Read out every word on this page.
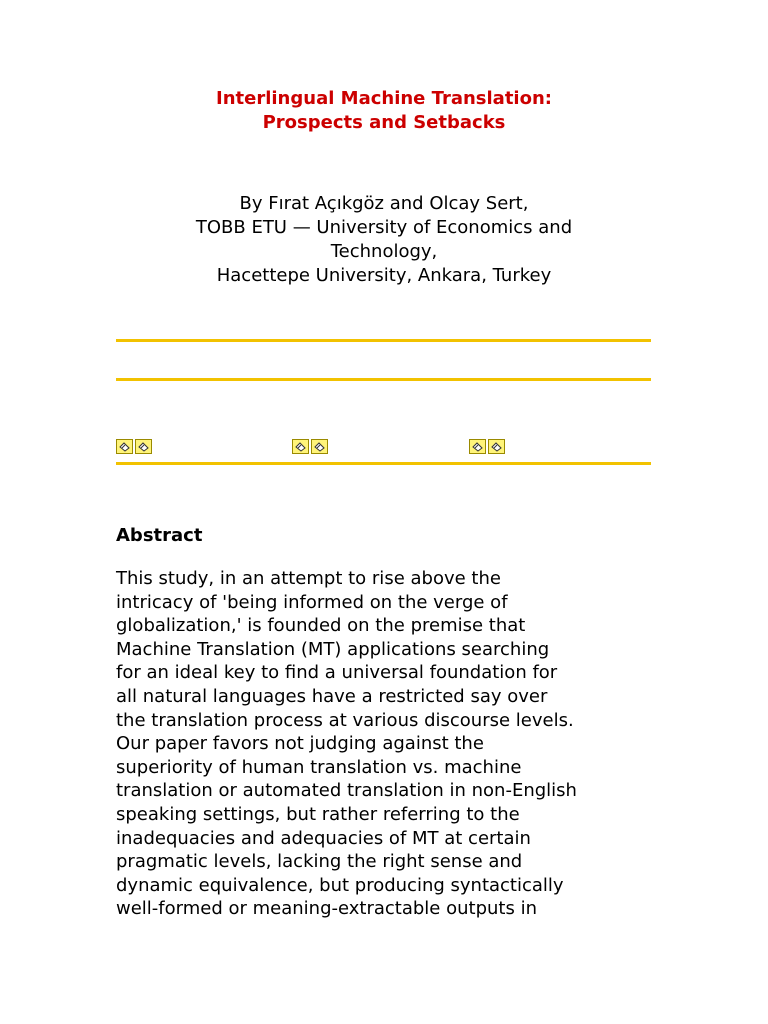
Interlingual Machine Translation:
Prospects and Setbacks
By Fırat Açıkgöz and Olcay Sert,
TOBB ETU — University of Economics and
Technology,
Hacettepe University, Ankara, Turkey
Abstract

This study, in an attempt to rise above the
intricacy of 'being informed on the verge of
globalization,' is founded on the premise that
Machine Translation (MT) applications searching
for an ideal key to find a universal foundation for
all natural languages have a restricted say over
the translation process at various discourse levels.
Our paper favors not judging against the
superiority of human translation vs. machine
translation or automated translation in non-English
speaking settings, but rather referring to the
inadequacies and adequacies of MT at certain
pragmatic levels, lacking the right sense and
dynamic equivalence, but producing syntactically
well-formed or meaning-extractable outputs in
